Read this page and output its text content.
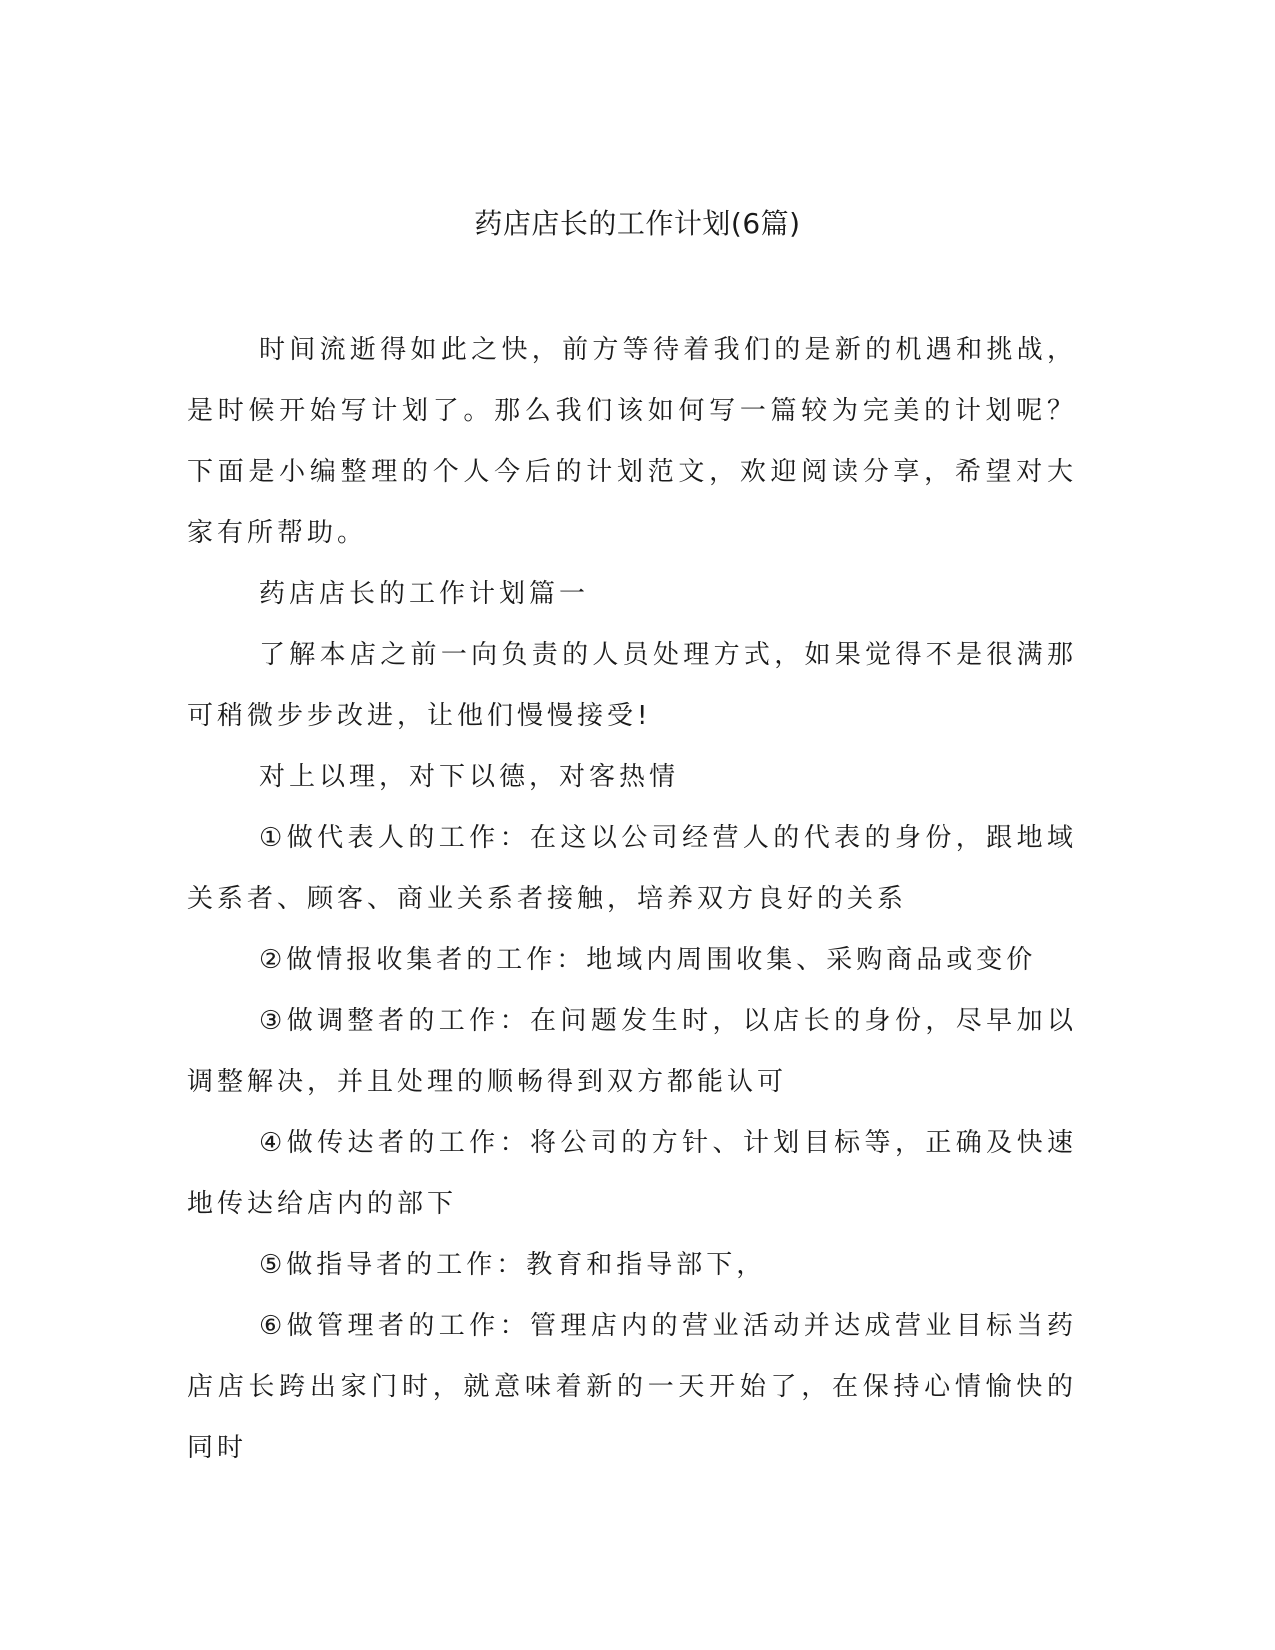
药店店长的工作计划(6篇)

时间流逝得如此之快，前方等待着我们的是新的机遇和挑战，是时候开始写计划了。那么我们该如何写一篇较为完美的计划呢？下面是小编整理的个人今后的计划范文，欢迎阅读分享，希望对大家有所帮助。

药店店长的工作计划篇一

了解本店之前一向负责的人员处理方式，如果觉得不是很满那可稍微步步改进，让他们慢慢接受!

对上以理，对下以德，对客热情

①做代表人的工作：在这以公司经营人的代表的身份，跟地域关系者、顾客、商业关系者接触，培养双方良好的关系

②做情报收集者的工作：地域内周围收集、采购商品或变价

③做调整者的工作：在问题发生时，以店长的身份，尽早加以调整解决，并且处理的顺畅得到双方都能认可

④做传达者的工作：将公司的方针、计划目标等，正确及快速地传达给店内的部下

⑤做指导者的工作：教育和指导部下，

⑥做管理者的工作：管理店内的营业活动并达成营业目标当药店店长跨出家门时，就意味着新的一天开始了，在保持心情愉快的同时
